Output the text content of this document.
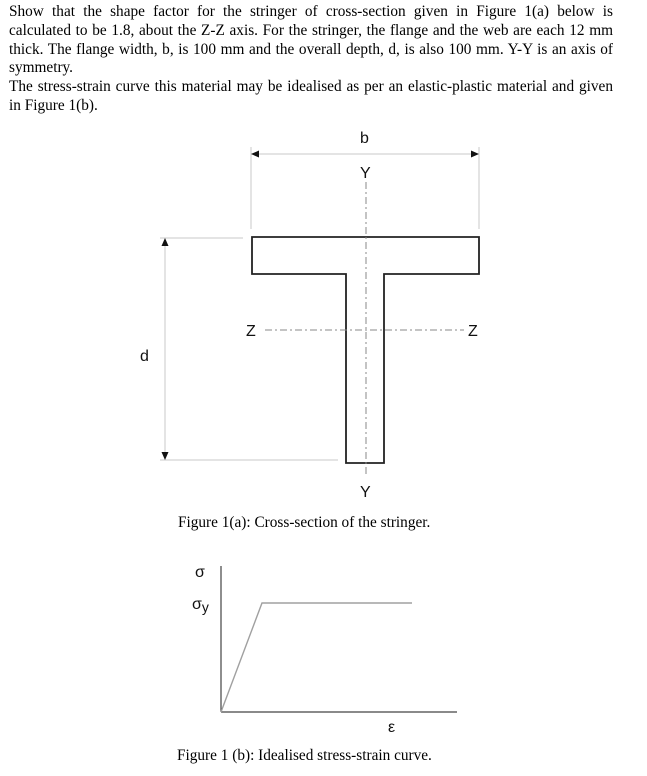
Show that the shape factor for the stringer of cross-section given in Figure 1(a) below is calculated to be 1.8, about the Z-Z axis. For the stringer, the flange and the web are each 12 mm thick. The flange width, b, is 100 mm and the overall depth, d, is also 100 mm. Y-Y is an axis of symmetry.

The stress-strain curve this material may be idealised as per an elastic-plastic material and given in Figure 1(b).

b
d
Y
Y
Z	Z
σ
σy
ε
Figure 1(a): Cross-section of the stringer.
Figure 1 (b): Idealised stress-strain curve.
